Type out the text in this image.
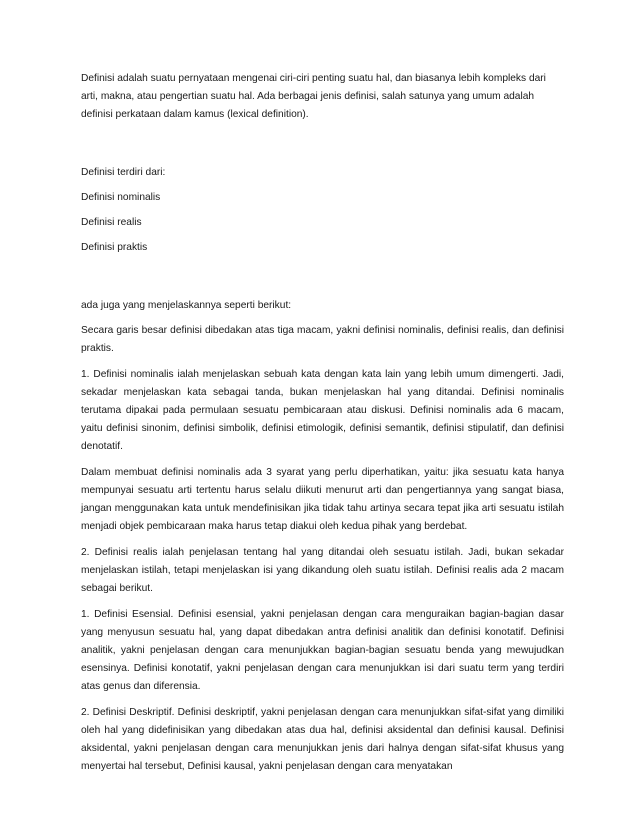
Definisi adalah suatu pernyataan mengenai ciri-ciri penting suatu hal, dan biasanya lebih kompleks dari arti, makna, atau pengertian suatu hal. Ada berbagai jenis definisi, salah satunya yang umum adalah definisi perkataan dalam kamus (lexical definition).

Definisi terdiri dari:

Definisi nominalis

Definisi realis

Definisi praktis

ada juga yang menjelaskannya seperti berikut:

Secara garis besar definisi dibedakan atas tiga macam, yakni definisi nominalis, definisi realis, dan definisi praktis.

1. Definisi nominalis ialah menjelaskan sebuah kata dengan kata lain yang lebih umum dimengerti. Jadi, sekadar menjelaskan kata sebagai tanda, bukan menjelaskan hal yang ditandai. Definisi nominalis terutama dipakai pada permulaan sesuatu pembicaraan atau diskusi. Definisi nominalis ada 6 macam, yaitu definisi sinonim, definisi simbolik, definisi etimologik, definisi semantik, definisi stipulatif, dan definisi denotatif.

Dalam membuat definisi nominalis ada 3 syarat yang perlu diperhatikan, yaitu: jika sesuatu kata hanya mempunyai sesuatu arti tertentu harus selalu diikuti menurut arti dan pengertiannya yang sangat biasa, jangan menggunakan kata untuk mendefinisikan jika tidak tahu artinya secara tepat jika arti sesuatu istilah menjadi objek pembicaraan maka harus tetap diakui oleh kedua pihak yang berdebat.

2. Definisi realis ialah penjelasan tentang hal yang ditandai oleh sesuatu istilah. Jadi, bukan sekadar menjelaskan istilah, tetapi menjelaskan isi yang dikandung oleh suatu istilah. Definisi realis ada 2 macam sebagai berikut.

1. Definisi Esensial. Definisi esensial, yakni penjelasan dengan cara menguraikan bagian-bagian dasar yang menyusun sesuatu hal, yang dapat dibedakan antra definisi analitik dan definisi konotatif. Definisi analitik, yakni penjelasan dengan cara menunjukkan bagian-bagian sesuatu benda yang mewujudkan esensinya. Definisi konotatif, yakni penjelasan dengan cara menunjukkan isi dari suatu term yang terdiri atas genus dan diferensia.

2. Definisi Deskriptif. Definisi deskriptif, yakni penjelasan dengan cara menunjukkan sifat-sifat yang dimiliki oleh hal yang didefinisikan yang dibedakan atas dua hal, definisi aksidental dan definisi kausal. Definisi aksidental, yakni penjelasan dengan cara menunjukkan jenis dari halnya dengan sifat-sifat khusus yang menyertai hal tersebut, Definisi kausal, yakni penjelasan dengan cara menyatakan
